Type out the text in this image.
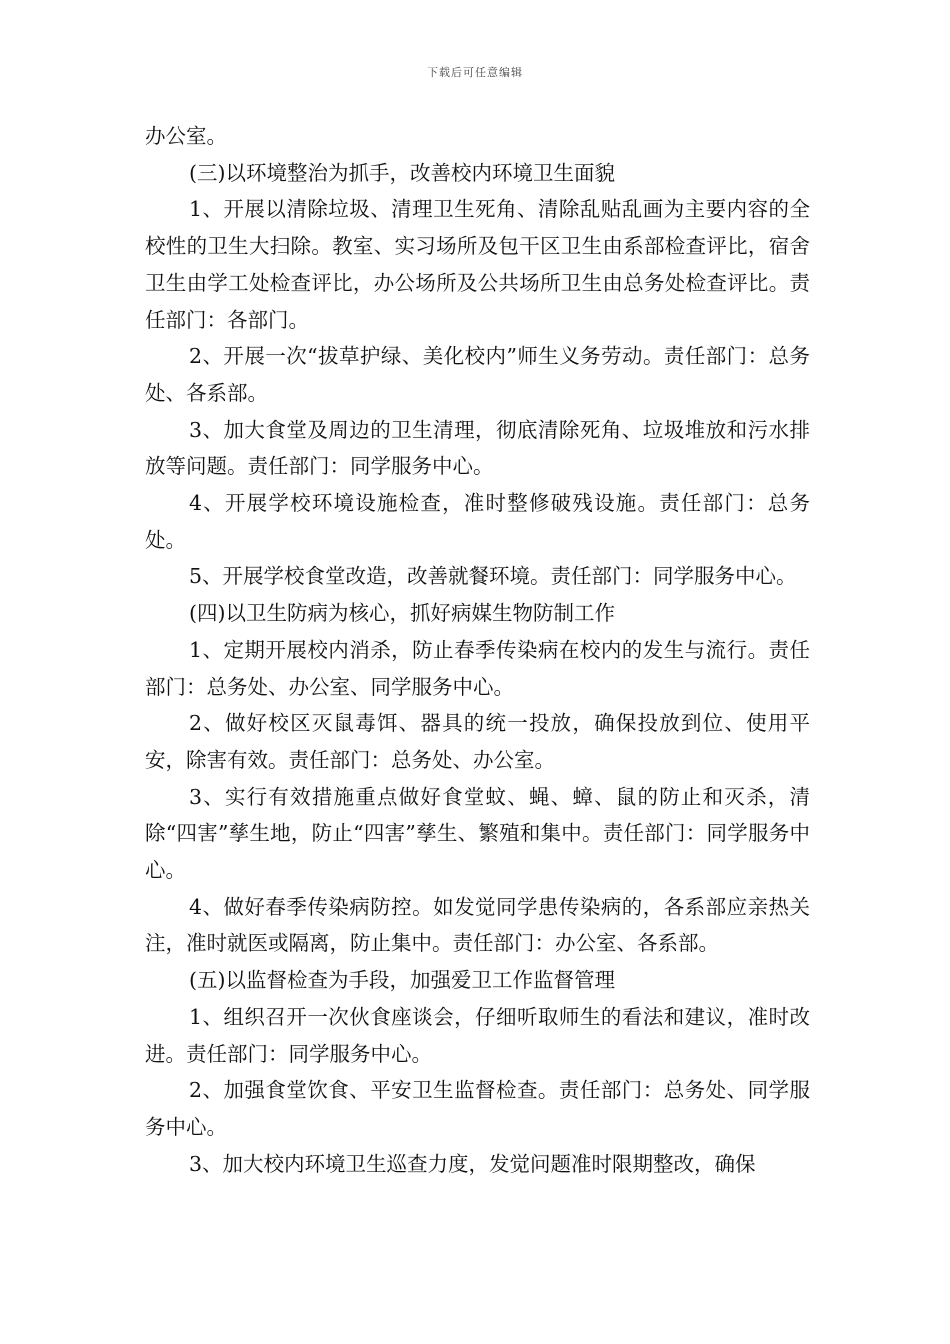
下载后可任意编辑

办公室。

(三)以环境整治为抓手，改善校内环境卫生面貌

1、开展以清除垃圾、清理卫生死角、清除乱贴乱画为主要内容的全校性的卫生大扫除。教室、实习场所及包干区卫生由系部检查评比，宿舍卫生由学工处检查评比，办公场所及公共场所卫生由总务处检查评比。责任部门：各部门。

2、开展一次“拔草护绿、美化校内”师生义务劳动。责任部门：总务处、各系部。

3、加大食堂及周边的卫生清理，彻底清除死角、垃圾堆放和污水排放等问题。责任部门：同学服务中心。

4、开展学校环境设施检查，准时整修破残设施。责任部门：总务处。

5、开展学校食堂改造，改善就餐环境。责任部门：同学服务中心。

(四)以卫生防病为核心，抓好病媒生物防制工作

1、定期开展校内消杀，防止春季传染病在校内的发生与流行。责任部门：总务处、办公室、同学服务中心。

2、做好校区灭鼠毒饵、器具的统一投放，确保投放到位、使用平安，除害有效。责任部门：总务处、办公室。

3、实行有效措施重点做好食堂蚊、蝇、蟑、鼠的防止和灭杀，清除“四害”孳生地，防止“四害”孳生、繁殖和集中。责任部门：同学服务中心。

4、做好春季传染病防控。如发觉同学患传染病的，各系部应亲热关注，准时就医或隔离，防止集中。责任部门：办公室、各系部。

(五)以监督检查为手段，加强爱卫工作监督管理

1、组织召开一次伙食座谈会，仔细听取师生的看法和建议，准时改进。责任部门：同学服务中心。

2、加强食堂饮食、平安卫生监督检查。责任部门：总务处、同学服务中心。

3、加大校内环境卫生巡查力度，发觉问题准时限期整改，确保
